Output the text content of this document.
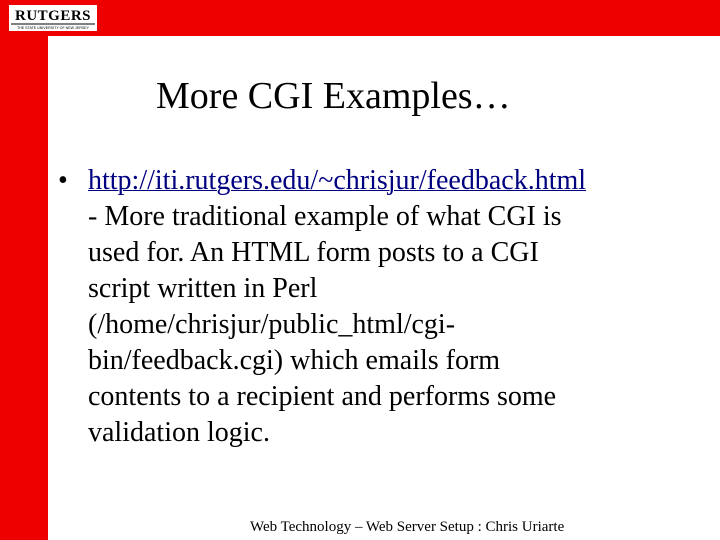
RUTGERS
THE STATE UNIVERSITY OF NEW JERSEY
More CGI Examples…
• http://iti.rutgers.edu/~chrisjur/feedback.html
- More traditional example of what CGI is
used for. An HTML form posts to a CGI
script written in Perl
(/home/chrisjur/public_html/cgi-
bin/feedback.cgi) which emails form
contents to a recipient and performs some
validation logic.
Web Technology – Web Server Setup : Chris Uriarte
